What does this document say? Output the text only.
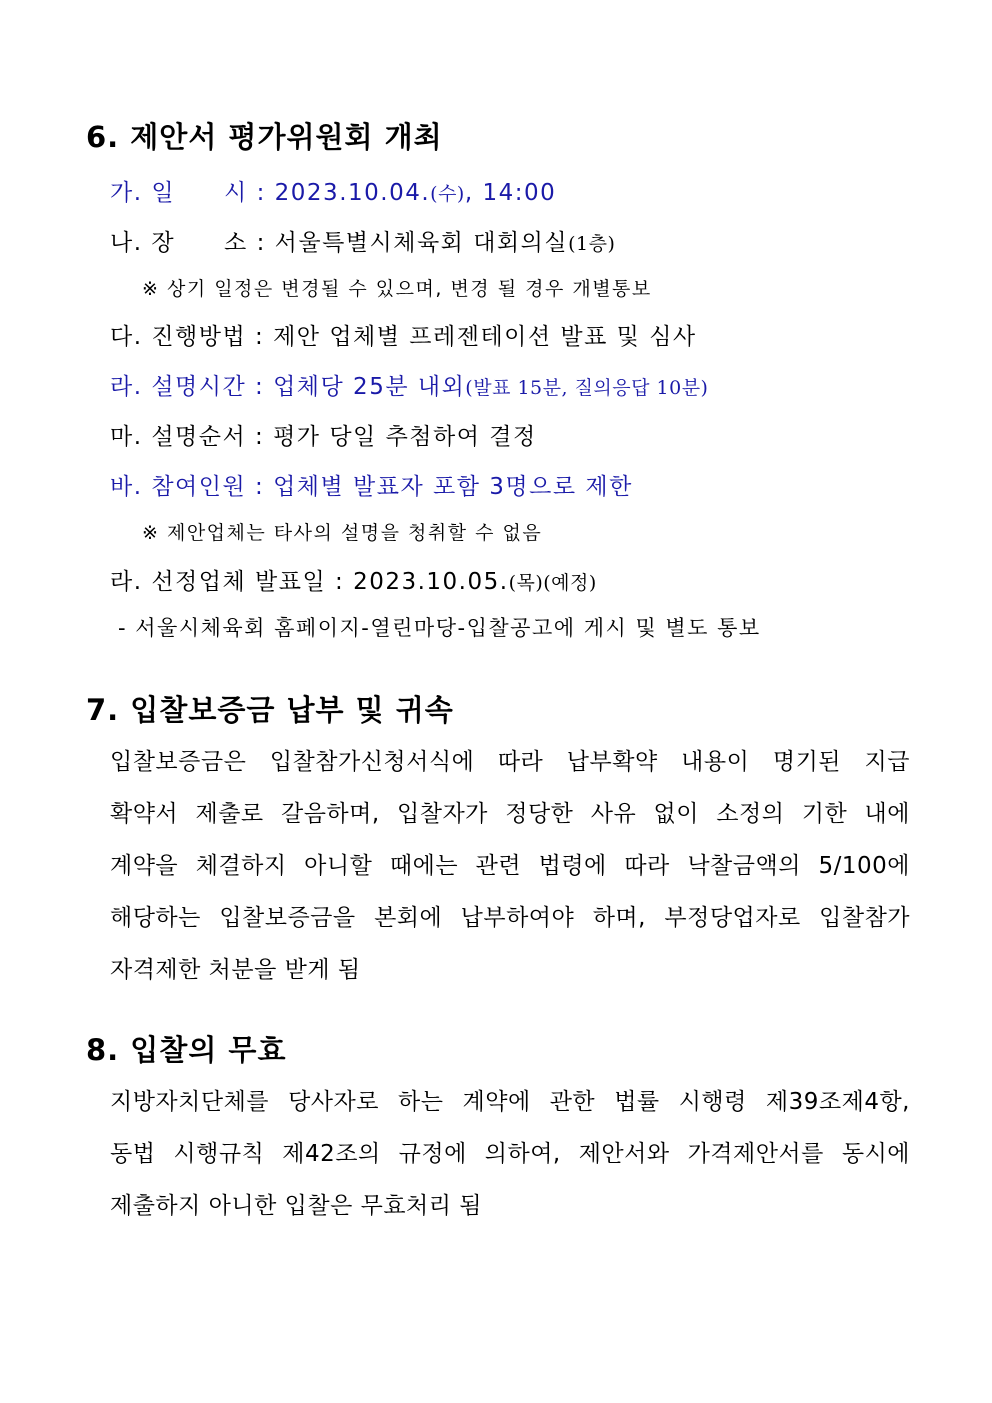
6. 제안서 평가위원회 개최
가. 일　　시 : 2023.10.04.(수), 14:00
나. 장　　소 : 서울특별시체육회 대회의실(1층)
※ 상기 일정은 변경될 수 있으며, 변경 될 경우 개별통보
다. 진행방법 : 제안 업체별 프레젠테이션 발표 및 심사
라. 설명시간 : 업체당 25분 내외(발표 15분, 질의응답 10분)
마. 설명순서 : 평가 당일 추첨하여 결정
바. 참여인원 : 업체별 발표자 포함 3명으로 제한
※ 제안업체는 타사의 설명을 청취할 수 없음
라. 선정업체 발표일 : 2023.10.05.(목)(예정)
- 서울시체육회 홈페이지-열린마당-입찰공고에 게시 및 별도 통보
7. 입찰보증금 납부 및 귀속
입찰보증금은 입찰참가신청서식에 따라 납부확약 내용이 명기된 지급
확약서 제출로 갈음하며, 입찰자가 정당한 사유 없이 소정의 기한 내에
계약을 체결하지 아니할 때에는 관련 법령에 따라 낙찰금액의 5/100에
해당하는 입찰보증금을 본회에 납부하여야 하며, 부정당업자로 입찰참가
자격제한 처분을 받게 됨
8. 입찰의 무효
지방자치단체를 당사자로 하는 계약에 관한 법률 시행령 제39조제4항,
동법 시행규칙 제42조의 규정에 의하여, 제안서와 가격제안서를 동시에
제출하지 아니한 입찰은 무효처리 됨
